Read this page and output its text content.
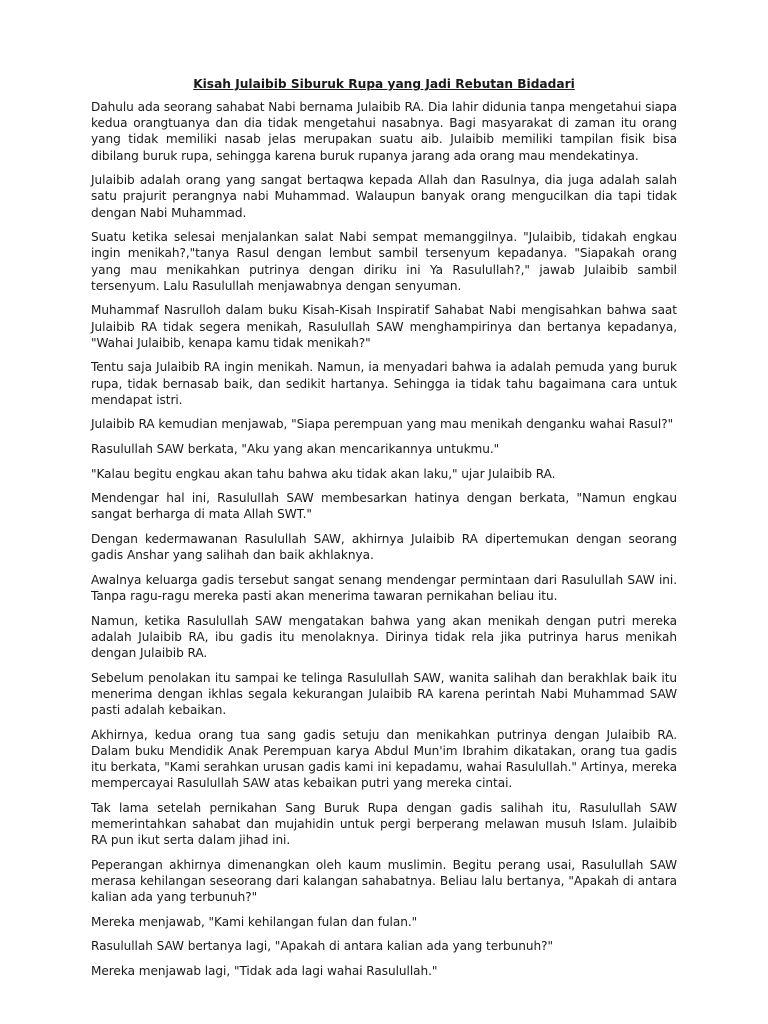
Kisah Julaibib Siburuk Rupa yang Jadi Rebutan Bidadari

Dahulu ada seorang sahabat Nabi bernama Julaibib RA. Dia lahir didunia tanpa mengetahui siapa kedua orangtuanya dan dia tidak mengetahui nasabnya. Bagi masyarakat di zaman itu orang yang tidak memiliki nasab jelas merupakan suatu aib. Julaibib memiliki tampilan fisik bisa dibilang buruk rupa, sehingga karena buruk rupanya jarang ada orang mau mendekatinya.

Julaibib adalah orang yang sangat bertaqwa kepada Allah dan Rasulnya, dia juga adalah salah satu prajurit perangnya nabi Muhammad. Walaupun banyak orang mengucilkan dia tapi tidak dengan Nabi Muhammad.

Suatu ketika selesai menjalankan salat Nabi sempat memanggilnya. "Julaibib, tidakah engkau ingin menikah?,"tanya Rasul dengan lembut sambil tersenyum kepadanya. "Siapakah orang yang mau menikahkan putrinya dengan diriku ini Ya Rasulullah?," jawab Julaibib sambil tersenyum. Lalu Rasulullah menjawabnya dengan senyuman.

Muhammaf Nasrulloh dalam buku Kisah-Kisah Inspiratif Sahabat Nabi mengisahkan bahwa saat Julaibib RA tidak segera menikah, Rasulullah SAW menghampirinya dan bertanya kepadanya, "Wahai Julaibib, kenapa kamu tidak menikah?"

Tentu saja Julaibib RA ingin menikah. Namun, ia menyadari bahwa ia adalah pemuda yang buruk rupa, tidak bernasab baik, dan sedikit hartanya. Sehingga ia tidak tahu bagaimana cara untuk mendapat istri.

Julaibib RA kemudian menjawab, "Siapa perempuan yang mau menikah denganku wahai Rasul?"

Rasulullah SAW berkata, "Aku yang akan mencarikannya untukmu."

"Kalau begitu engkau akan tahu bahwa aku tidak akan laku," ujar Julaibib RA.

Mendengar hal ini, Rasulullah SAW membesarkan hatinya dengan berkata, "Namun engkau sangat berharga di mata Allah SWT."

Dengan kedermawanan Rasulullah SAW, akhirnya Julaibib RA dipertemukan dengan seorang gadis Anshar yang salihah dan baik akhlaknya.

Awalnya keluarga gadis tersebut sangat senang mendengar permintaan dari Rasulullah SAW ini. Tanpa ragu-ragu mereka pasti akan menerima tawaran pernikahan beliau itu.

Namun, ketika Rasulullah SAW mengatakan bahwa yang akan menikah dengan putri mereka adalah Julaibib RA, ibu gadis itu menolaknya. Dirinya tidak rela jika putrinya harus menikah dengan Julaibib RA.

Sebelum penolakan itu sampai ke telinga Rasulullah SAW, wanita salihah dan berakhlak baik itu menerima dengan ikhlas segala kekurangan Julaibib RA karena perintah Nabi Muhammad SAW pasti adalah kebaikan.

Akhirnya, kedua orang tua sang gadis setuju dan menikahkan putrinya dengan Julaibib RA. Dalam buku Mendidik Anak Perempuan karya Abdul Mun'im Ibrahim dikatakan, orang tua gadis itu berkata, "Kami serahkan urusan gadis kami ini kepadamu, wahai Rasulullah." Artinya, mereka mempercayai Rasulullah SAW atas kebaikan putri yang mereka cintai.

Tak lama setelah pernikahan Sang Buruk Rupa dengan gadis salihah itu, Rasulullah SAW memerintahkan sahabat dan mujahidin untuk pergi berperang melawan musuh Islam. Julaibib RA pun ikut serta dalam jihad ini.

Peperangan akhirnya dimenangkan oleh kaum muslimin. Begitu perang usai, Rasulullah SAW merasa kehilangan seseorang dari kalangan sahabatnya. Beliau lalu bertanya, "Apakah di antara kalian ada yang terbunuh?"

Mereka menjawab, "Kami kehilangan fulan dan fulan."

Rasulullah SAW bertanya lagi, "Apakah di antara kalian ada yang terbunuh?"

Mereka menjawab lagi, "Tidak ada lagi wahai Rasulullah."
